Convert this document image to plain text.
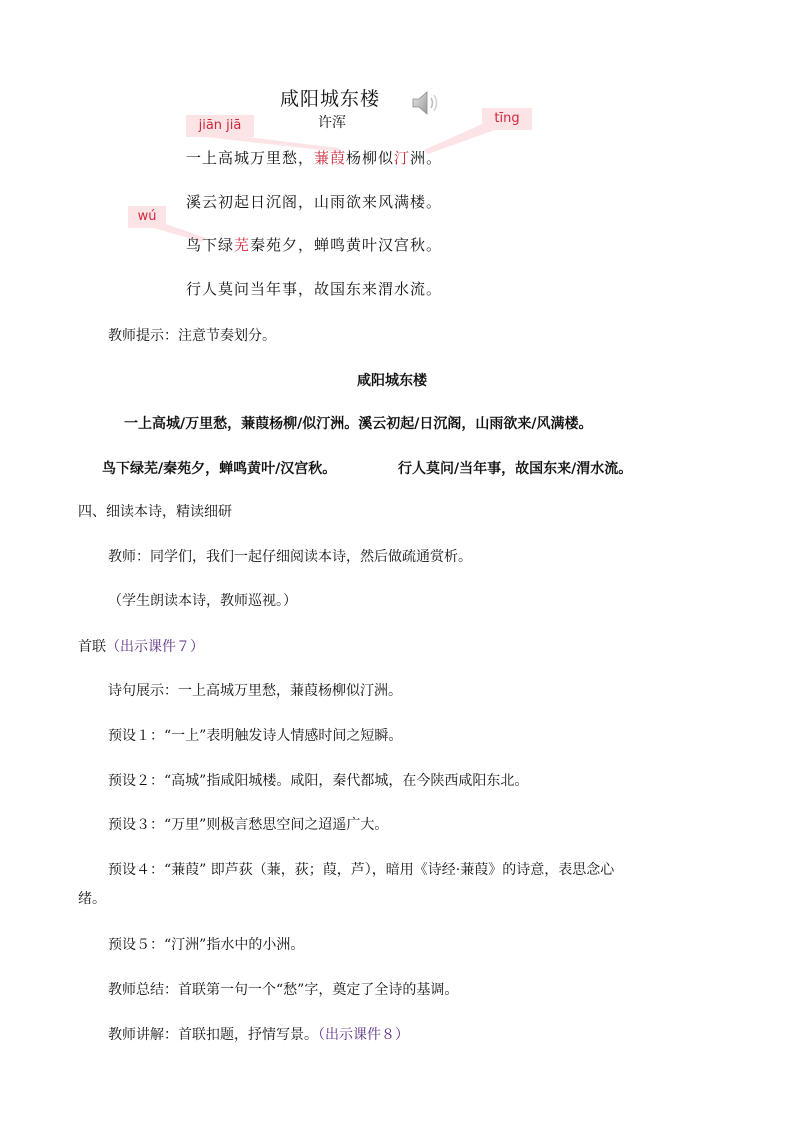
咸阳城东楼
许浑
jiān jiā	tīng
wú
一上高城万里愁，蒹葭杨柳似汀洲。
溪云初起日沉阁，山雨欲来风满楼。
鸟下绿芜秦苑夕，蝉鸣黄叶汉宫秋。
行人莫问当年事，故国东来渭水流。
教师提示：注意节奏划分。
咸阳城东楼
一上高城/万里愁，蒹葭杨柳/似汀洲。溪云初起/日沉阁，山雨欲来/风满楼。
鸟下绿芜/秦苑夕，蝉鸣黄叶/汉宫秋。	行人莫问/当年事，故国东来/渭水流。
四、细读本诗，精读细研
教师：同学们，我们一起仔细阅读本诗，然后做疏通赏析。
（学生朗读本诗，教师巡视。）
首联（出示课件７）
诗句展示：一上高城万里愁，蒹葭杨柳似汀洲。
预设１：“一上”表明触发诗人情感时间之短瞬。
预设２：“高城”指咸阳城楼。咸阳，秦代都城，在今陕西咸阳东北。
预设３：“万里”则极言愁思空间之迢遥广大。
预设４：“蒹葭” 即芦荻（蒹，荻；葭，芦），暗用《诗经·蒹葭》的诗意，表思念心
绪。
预设５：“汀洲”指水中的小洲。
教师总结：首联第一句一个“愁”字，奠定了全诗的基调。
教师讲解：首联扣题，抒情写景。（出示课件８）
